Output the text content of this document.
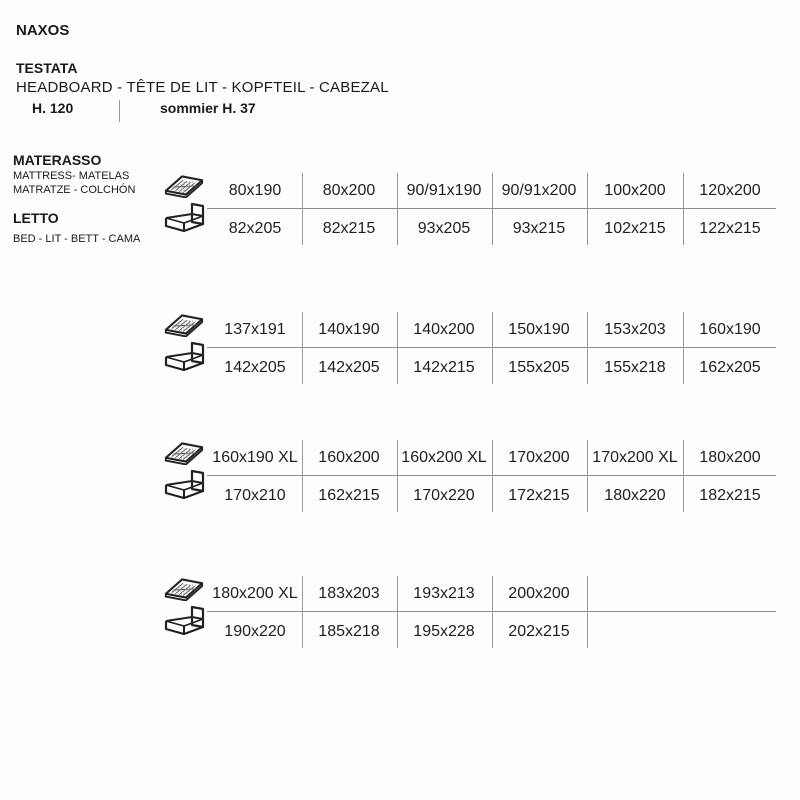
NAXOS
TESTATA
HEADBOARD - TÊTE DE LIT - KOPFTEIL - CABEZAL
H. 120	sommier H. 37
MATERASSO
MATTRESS- MATELAS
MATRATZE - COLCHÓN
LETTO
BED - LIT - BETT - CAMA
80x190	80x200	90/91x190	90/91x200	100x200	120x200
82x205	82x215	93x205	93x215	102x215	122x215
137x191	140x190	140x200	150x190	153x203	160x190
142x205	142x205	142x215	155x205	155x218	162x205
160x190 XL	160x200	160x200 XL	170x200	170x200 XL	180x200
170x210	162x215	170x220	172x215	180x220	182x215
180x200 XL	183x203	193x213	200x200
190x220	185x218	195x228	202x215
